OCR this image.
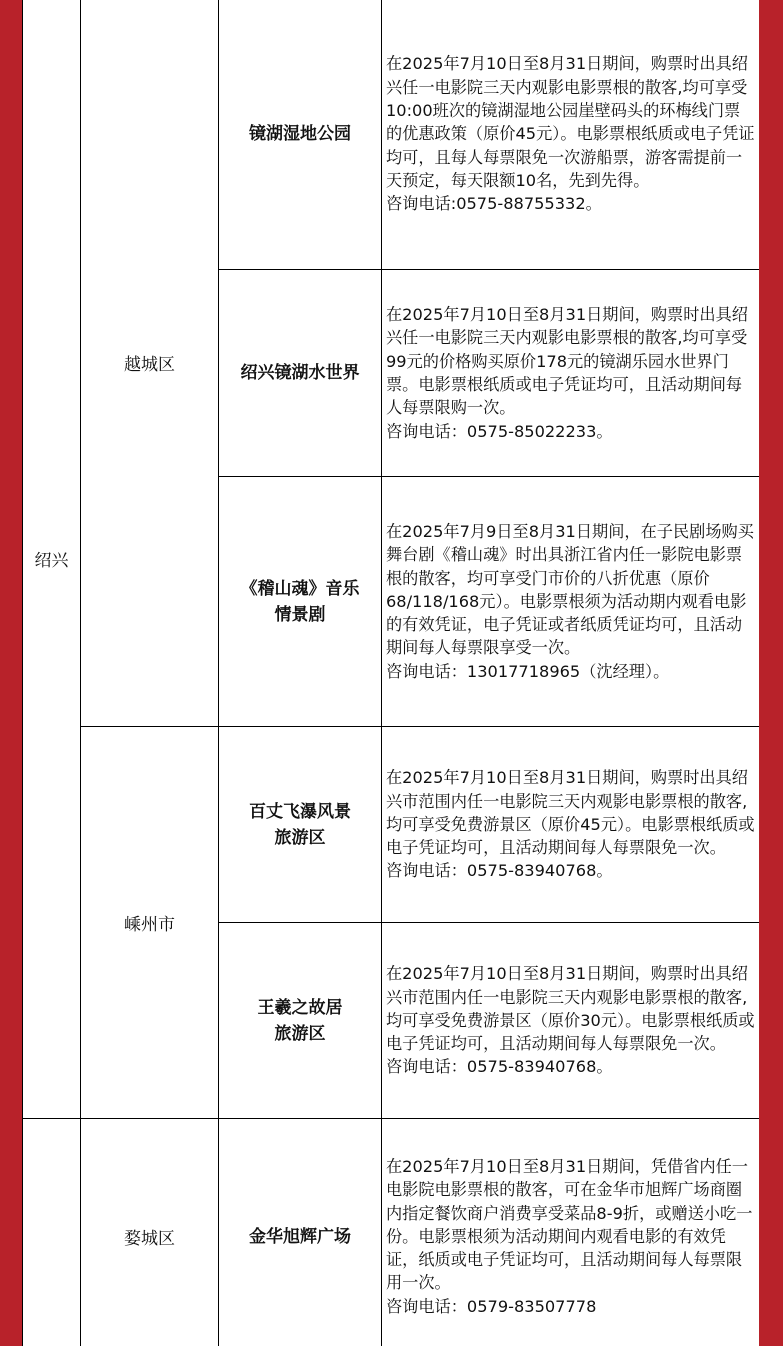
绍兴	越城区	镜湖湿地公园	在2025年7月10日至8月31日期间，购票时出具绍兴任一电影院三天内观影电影票根的散客,均可享受10:00班次的镜湖湿地公园崖壁码头的环梅线门票的优惠政策（原价45元）。电影票根纸质或电子凭证均可，且每人每票限免一次游船票，游客需提前一天预定，每天限额10名，先到先得。
咨询电话:0575-88755332。

		绍兴镜湖水世界	在2025年7月10日至8月31日期间，购票时出具绍兴任一电影院三天内观影电影票根的散客,均可享受99元的价格购买原价178元的镜湖乐园水世界门票。电影票根纸质或电子凭证均可，且活动期间每人每票限购一次。
咨询电话：0575-85022233。

		《稽山魂》音乐
情景剧	在2025年7月9日至8月31日期间，在子民剧场购买舞台剧《稽山魂》时出具浙江省内任一影院电影票根的散客，均可享受门市价的八折优惠（原价68/118/168元）。电影票根须为活动期内观看电影的有效凭证，电子凭证或者纸质凭证均可，且活动期间每人每票限享受一次。
咨询电话：13017718965（沈经理）。

	嵊州市	百丈飞瀑风景
旅游区	在2025年7月10日至8月31日期间，购票时出具绍兴市范围内任一电影院三天内观影电影票根的散客,均可享受免费游景区（原价45元）。电影票根纸质或电子凭证均可，且活动期间每人每票限免一次。
咨询电话：0575-83940768。

		王羲之故居
旅游区	在2025年7月10日至8月31日期间，购票时出具绍兴市范围内任一电影院三天内观影电影票根的散客,均可享受免费游景区（原价30元）。电影票根纸质或电子凭证均可，且活动期间每人每票限免一次。
咨询电话：0575-83940768。

	婺城区	金华旭辉广场	在2025年7月10日至8月31日期间，凭借省内任一电影院电影票根的散客，可在金华市旭辉广场商圈内指定餐饮商户消费享受菜品8-9折，或赠送小吃一份。电影票根须为活动期间内观看电影的有效凭证，纸质或电子凭证均可，且活动期间每人每票限用一次。
咨询电话：0579-83507778
